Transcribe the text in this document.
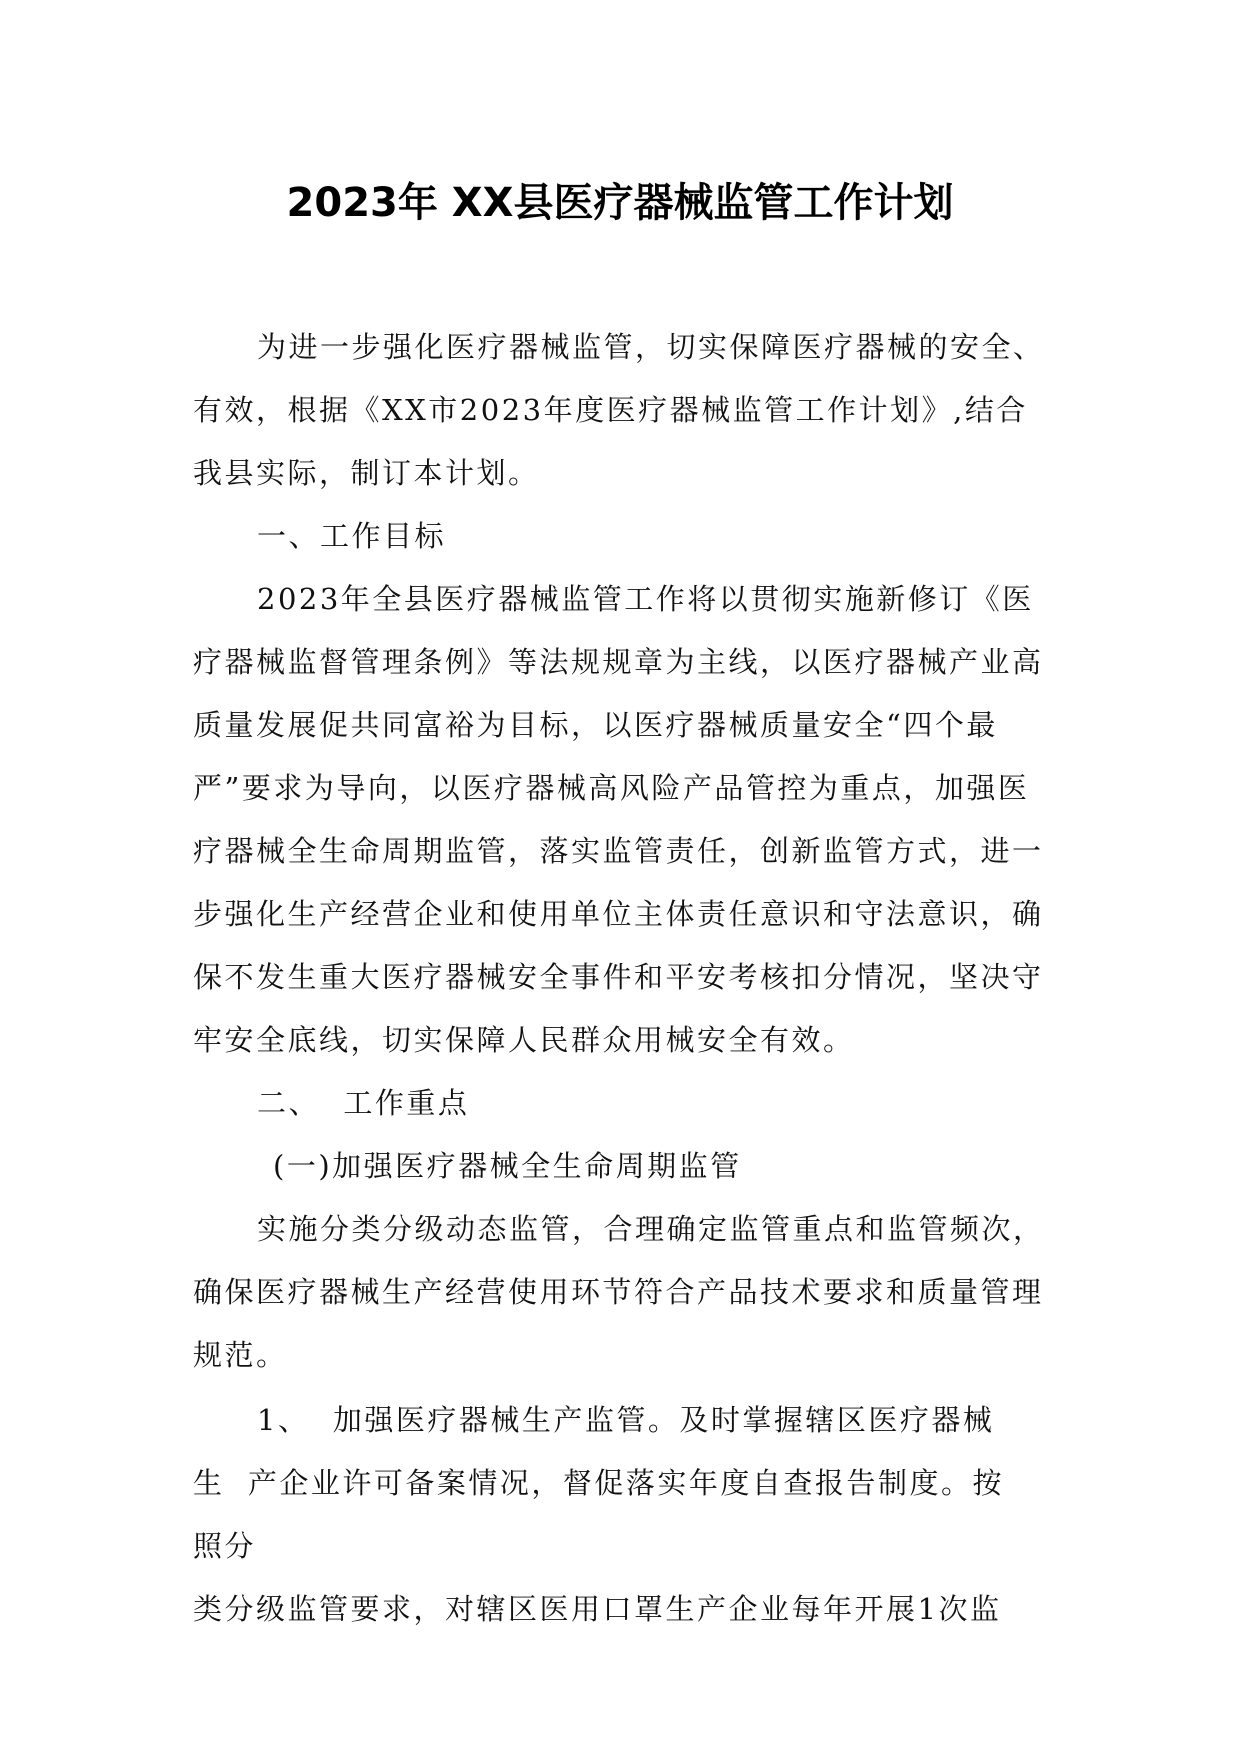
2023年 XX县医疗器械监管工作计划

为进一步强化医疗器械监管，切实保障医疗器械的安全、有效，根据《XX市2023年度医疗器械监管工作计划》,结合我县实际，制订本计划。

一、工作目标

2023年全县医疗器械监管工作将以贯彻实施新修订《医疗器械监督管理条例》等法规规章为主线，以医疗器械产业高质量发展促共同富裕为目标，以医疗器械质量安全“四个最严”要求为导向，以医疗器械高风险产品管控为重点，加强医疗器械全生命周期监管，落实监管责任，创新监管方式，进一步强化生产经营企业和使用单位主体责任意识和守法意识，确保不发生重大医疗器械安全事件和平安考核扣分情况，坚决守牢安全底线，切实保障人民群众用械安全有效。

二、  工作重点

(一)加强医疗器械全生命周期监管

实施分类分级动态监管，合理确定监管重点和监管频次，确保医疗器械生产经营使用环节符合产品技术要求和质量管理规范。

1、  加强医疗器械生产监管。及时掌握辖区医疗器械
生  产企业许可备案情况，督促落实年度自查报告制度。按
照分
类分级监管要求，对辖区医用口罩生产企业每年开展1次监
